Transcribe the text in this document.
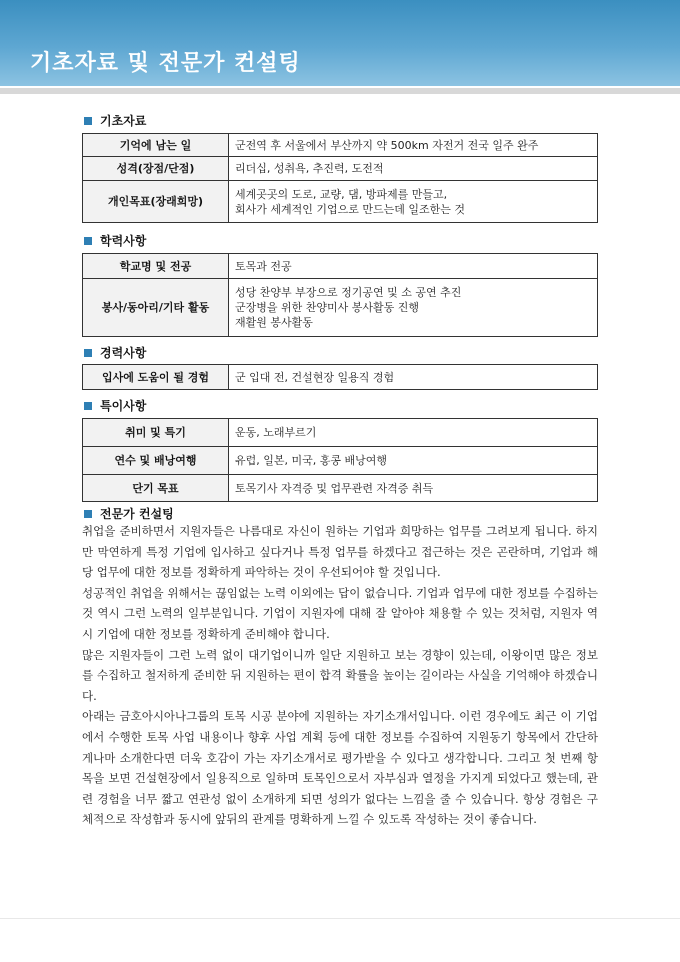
기초자료 및 전문가 컨설팅
기초자료
기억에 남는 일	군전역 후 서울에서 부산까지 약 500km 자전거 전국 일주 완주
성격(장점/단점)	리더십, 성취욕, 추진력, 도전적
개인목표(장래희망)	세계곳곳의 도로, 교량, 댐, 방파제를 만들고,
회사가 세계적인 기업으로 만드는데 일조한는 것
학력사항
학교명 및 전공	토목과 전공
봉사/동아리/기타 활동	성당 찬양부 부장으로 정기공연 및 소 공연 추진
군장병을 위한 찬양미사 봉사활동 진행
재활원 봉사활동
경력사항
입사에 도움이 될 경험	군 입대 전, 건설현장 일용직 경험
특이사항
취미 및 특기	운동, 노래부르기
연수 및 배낭여행	유럽, 일본, 미국, 홍콩 배낭여행
단기 목표	토목기사 자격증 및 업무관련 자격증 취득
전문가 컨설팅

취업을 준비하면서 지원자들은 나름대로 자신이 원하는 기업과 희망하는 업무를 그려보게 됩니다. 하지만 막연하게 특정 기업에 입사하고 싶다거나 특정 업무를 하겠다고 접근하는 것은 곤란하며, 기업과 해당 업무에 대한 정보를 정확하게 파악하는 것이 우선되어야 할 것입니다.

성공적인 취업을 위해서는 끊임없는 노력 이외에는 답이 없습니다. 기업과 업무에 대한 정보를 수집하는 것 역시 그런 노력의 일부분입니다. 기업이 지원자에 대해 잘 알아야 채용할 수 있는 것처럼, 지원자 역시 기업에 대한 정보를 정확하게 준비해야 합니다.

많은 지원자들이 그런 노력 없이 대기업이니까 일단 지원하고 보는 경향이 있는데, 이왕이면 많은 정보를 수집하고 철저하게 준비한 뒤 지원하는 편이 합격 확률을 높이는 길이라는 사실을 기억해야 하겠습니다.

아래는 금호아시아나그룹의 토목 시공 분야에 지원하는 자기소개서입니다. 이런 경우에도 최근 이 기업에서 수행한 토목 사업 내용이나 향후 사업 계획 등에 대한 정보를 수집하여 지원동기 항목에서 간단하게나마 소개한다면 더욱 호감이 가는 자기소개서로 평가받을 수 있다고 생각합니다. 그리고 첫 번째 항목을 보면 건설현장에서 일용직으로 일하며 토목인으로서 자부심과 열정을 가지게 되었다고 했는데, 관련 경험을 너무 짧고 연관성 없이 소개하게 되면 성의가 없다는 느낌을 줄 수 있습니다. 항상 경험은 구체적으로 작성함과 동시에 앞뒤의 관계를 명확하게 느낄 수 있도록 작성하는 것이 좋습니다.
